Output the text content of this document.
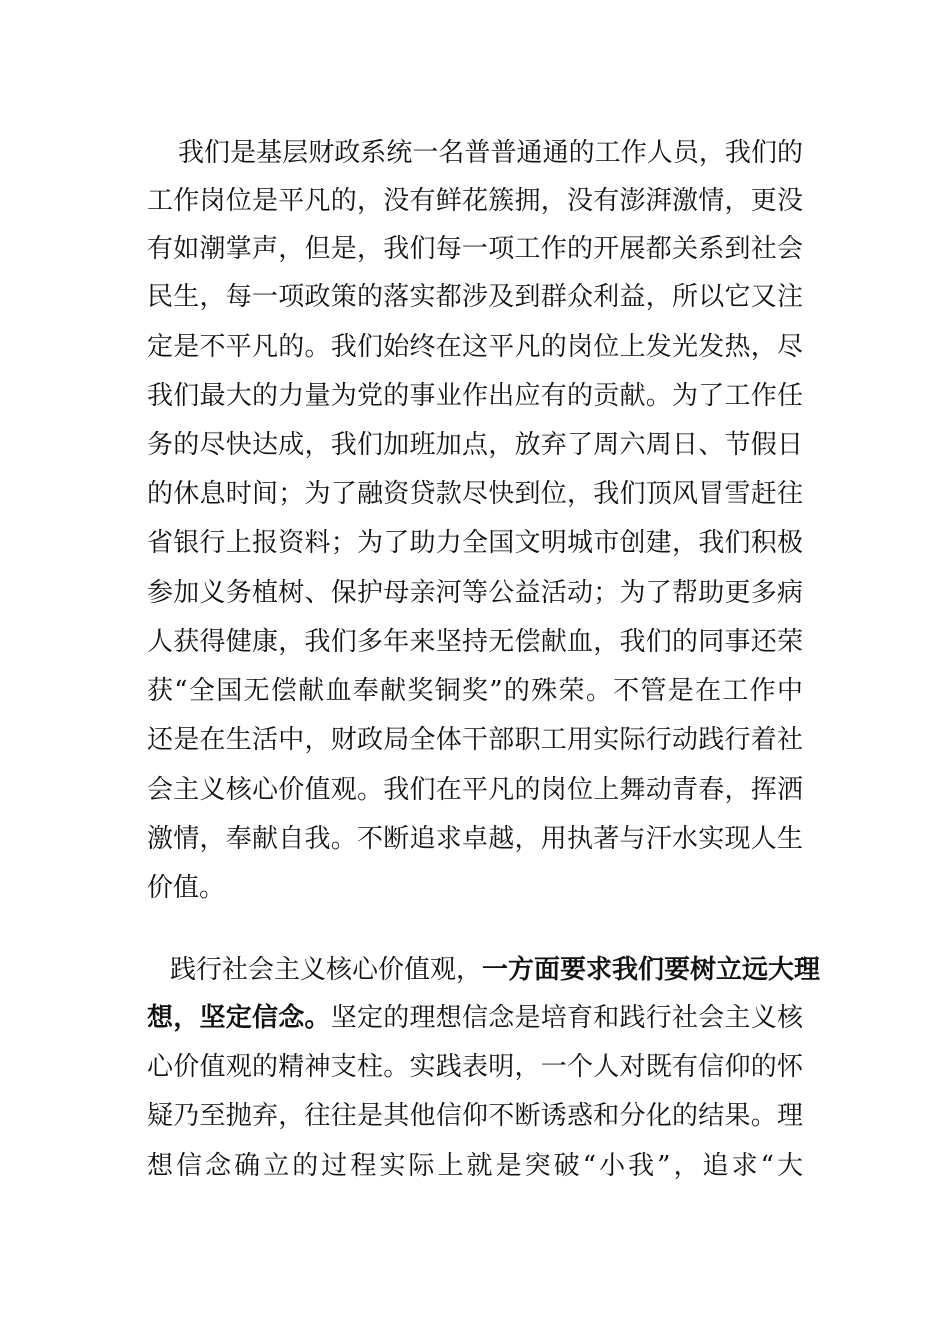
我们是基层财政系统一名普普通通的工作人员，我们的
工作岗位是平凡的，没有鲜花簇拥，没有澎湃激情，更没
有如潮掌声，但是，我们每一项工作的开展都关系到社会
民生，每一项政策的落实都涉及到群众利益，所以它又注
定是不平凡的。我们始终在这平凡的岗位上发光发热，尽
我们最大的力量为党的事业作出应有的贡献。为了工作任
务的尽快达成，我们加班加点，放弃了周六周日、节假日
的休息时间；为了融资贷款尽快到位，我们顶风冒雪赶往
省银行上报资料；为了助力全国文明城市创建，我们积极
参加义务植树、保护母亲河等公益活动；为了帮助更多病
人获得健康，我们多年来坚持无偿献血，我们的同事还荣
获“全国无偿献血奉献奖铜奖”的殊荣。不管是在工作中
还是在生活中，财政局全体干部职工用实际行动践行着社
会主义核心价值观。我们在平凡的岗位上舞动青春，挥洒
激情，奉献自我。不断追求卓越，用执著与汗水实现人生
价值。
践行社会主义核心价值观，一方面要求我们要树立远大理
想，坚定信念。坚定的理想信念是培育和践行社会主义核
心价值观的精神支柱。实践表明，一个人对既有信仰的怀
疑乃至抛弃，往往是其他信仰不断诱惑和分化的结果。理
想信念确立的过程实际上就是突破“小我”，追求“大
